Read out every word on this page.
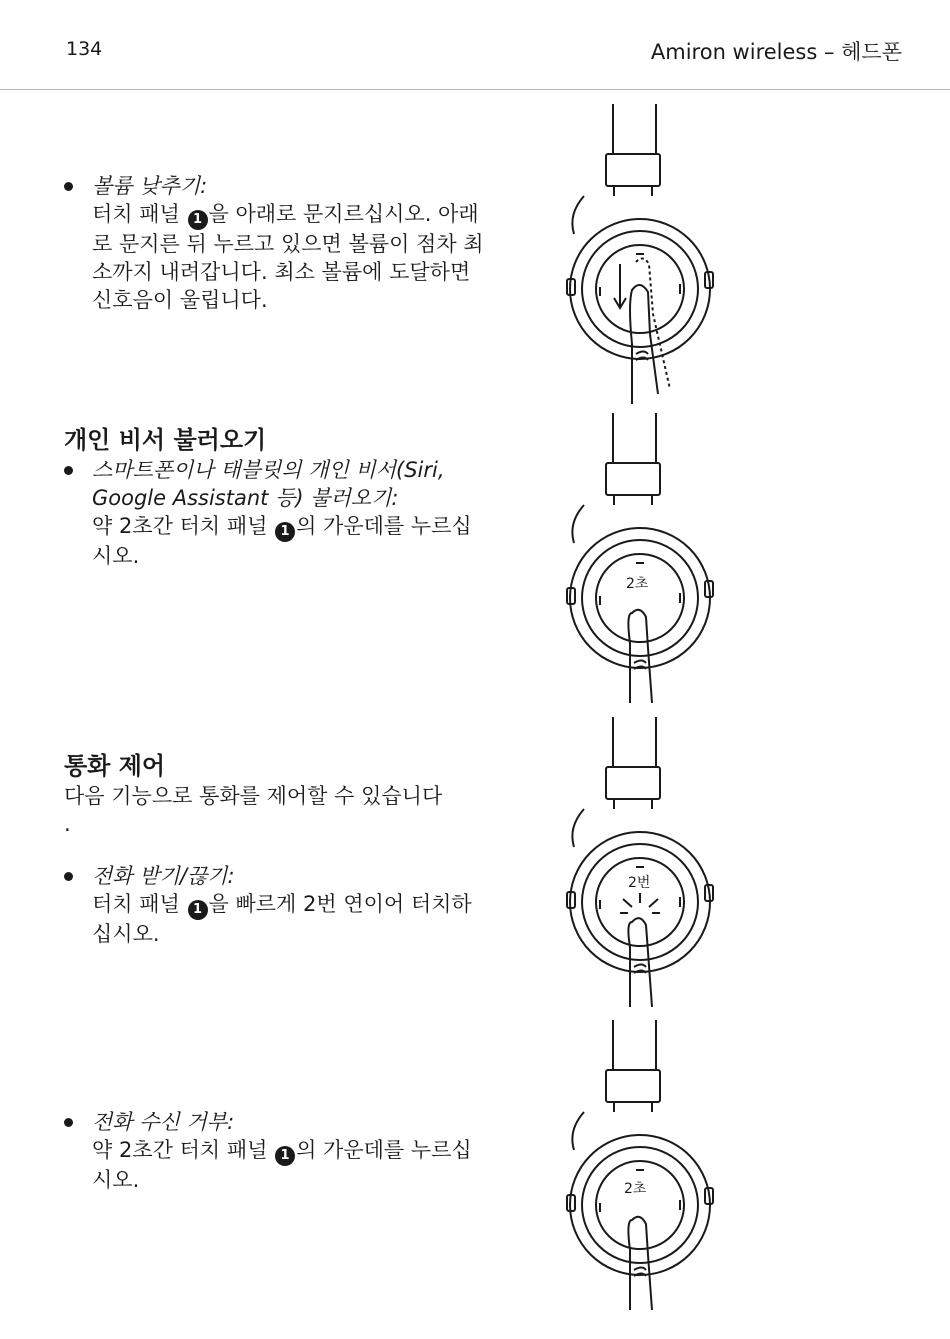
134	Amiron wireless – 헤드폰
볼륨 낮추기:
터치 패널 1 을 아래로 문지르십시오. 아래로 문지른 뒤 누르고 있으면 볼륨이 점차 최소까지 내려갑니다. 최소 볼륨에 도달하면 신호음이 울립니다.
개인 비서 불러오기
스마트폰이나 태블릿의 개인 비서(Siri, Google Assistant 등) 불러오기:
약 2초간 터치 패널 1 의 가운데를 누르십시오.
통화 제어

다음 기능으로 통화를 제어할 수 있습니다

.

전화 받기/끊기:
터치 패널 1 을 빠르게 2번 연이어 터치하십시오.
전화 수신 거부:
약 2초간 터치 패널 1 의 가운데를 누르십시오.
2초
2번
2초
